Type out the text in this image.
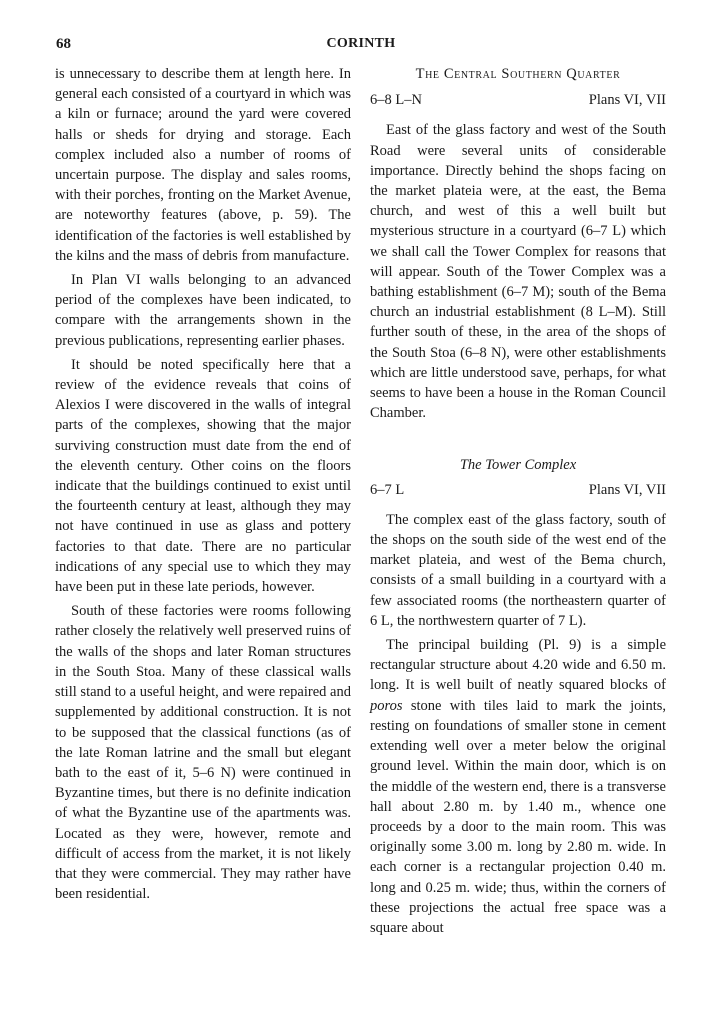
68	CORINTH

is unnecessary to describe them at length here. In general each consisted of a courtyard in which was a kiln or furnace; around the yard were covered halls or sheds for drying and storage. Each complex included also a number of rooms of uncertain purpose. The display and sales rooms, with their porches, fronting on the Market Avenue, are noteworthy features (above, p. 59). The identification of the factories is well established by the kilns and the mass of debris from manufacture.

In Plan VI walls belonging to an advanced period of the complexes have been indicated, to compare with the arrangements shown in the previous publications, representing earlier phases.

It should be noted specifically here that a review of the evidence reveals that coins of Alexios I were discovered in the walls of integral parts of the complexes, showing that the major surviving construction must date from the end of the eleventh century. Other coins on the floors indicate that the buildings continued to exist until the fourteenth century at least, although they may not have continued in use as glass and pottery factories to that date. There are no particular indications of any special use to which they may have been put in these late periods, however.

South of these factories were rooms following rather closely the relatively well preserved ruins of the walls of the shops and later Roman structures in the South Stoa. Many of these classical walls still stand to a useful height, and were repaired and supplemented by additional construction. It is not to be supposed that the classical functions (as of the late Roman latrine and the small but elegant bath to the east of it, 5–6 N) were continued in Byzantine times, but there is no definite indication of what the Byzantine use of the apartments was. Located as they were, however, remote and difficult of access from the market, it is not likely that they were commercial. They may rather have been residential.

The Central Southern Quarter
6–8 L–N	Plans VI, VII

East of the glass factory and west of the South Road were several units of considerable importance. Directly behind the shops facing on the market plateia were, at the east, the Bema church, and west of this a well built but mysterious structure in a courtyard (6–7 L) which we shall call the Tower Complex for reasons that will appear. South of the Tower Complex was a bathing establishment (6–7 M); south of the Bema church an industrial establishment (8 L–M). Still further south of these, in the area of the shops of the South Stoa (6–8 N), were other establishments which are little understood save, perhaps, for what seems to have been a house in the Roman Council Chamber.

The Tower Complex
6–7 L	Plans VI, VII

The complex east of the glass factory, south of the shops on the south side of the west end of the market plateia, and west of the Bema church, consists of a small building in a courtyard with a few associated rooms (the northeastern quarter of 6 L, the northwestern quarter of 7 L).

The principal building (Pl. 9) is a simple rectangular structure about 4.20 wide and 6.50 m. long. It is well built of neatly squared blocks of poros stone with tiles laid to mark the joints, resting on foundations of smaller stone in cement extending well over a meter below the original ground level. Within the main door, which is on the middle of the western end, there is a transverse hall about 2.80 m. by 1.40 m., whence one proceeds by a door to the main room. This was originally some 3.00 m. long by 2.80 m. wide. In each corner is a rectangular projection 0.40 m. long and 0.25 m. wide; thus, within the corners of these projections the actual free space was a square about
